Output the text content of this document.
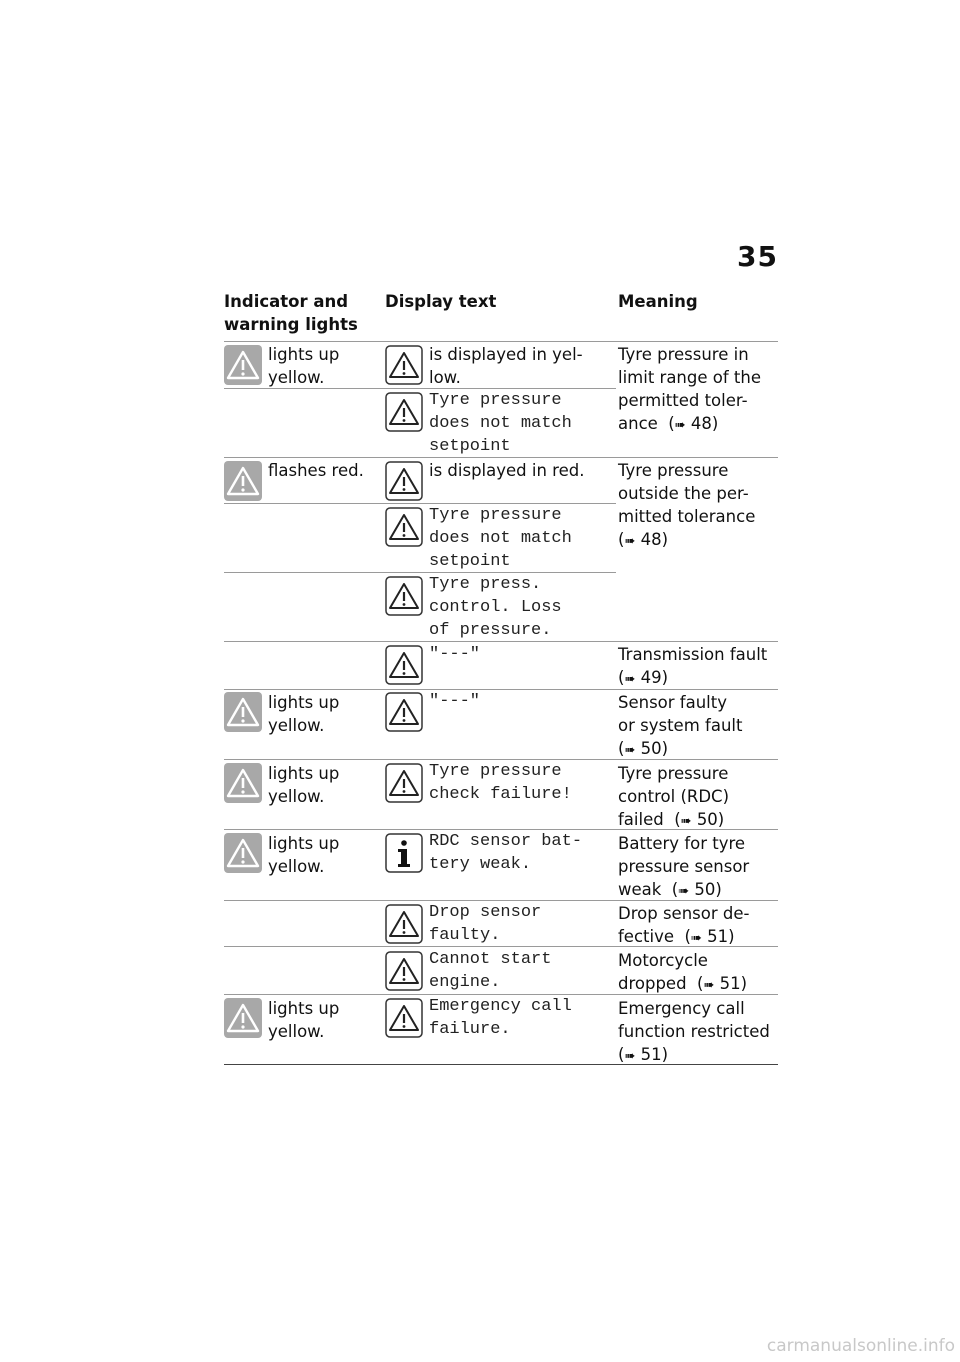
35
Indicator and warning lights
Display text	Meaning
lights up yellow.
flashes red.
lights up yellow.
lights up yellow.
lights up yellow.
lights up yellow.
is displayed in yel-
low.
Tyre pressure
does not match
setpoint
is displayed in red.
Tyre pressure
does not match
setpoint
Tyre press.
control. Loss
of pressure.
"---"
"---"
Tyre pressure
check failure!
RDC sensor bat-
tery weak.
Drop sensor
faulty.
Cannot start
engine.
Emergency call
failure.
Tyre pressure in
limit range of the
permitted toler-
ance  (➠ 48)
Tyre pressure
outside the per-
mitted tolerance
(➠ 48)
Transmission fault
(➠ 49)
Sensor faulty
or system fault
(➠ 50)
Tyre pressure
control (RDC)
failed  (➠ 50)
Battery for tyre
pressure sensor
weak  (➠ 50)
Drop sensor de-
fective  (➠ 51)
Motorcycle
dropped  (➠ 51)
Emergency call
function restricted
(➠ 51)
carmanualsonline.info
